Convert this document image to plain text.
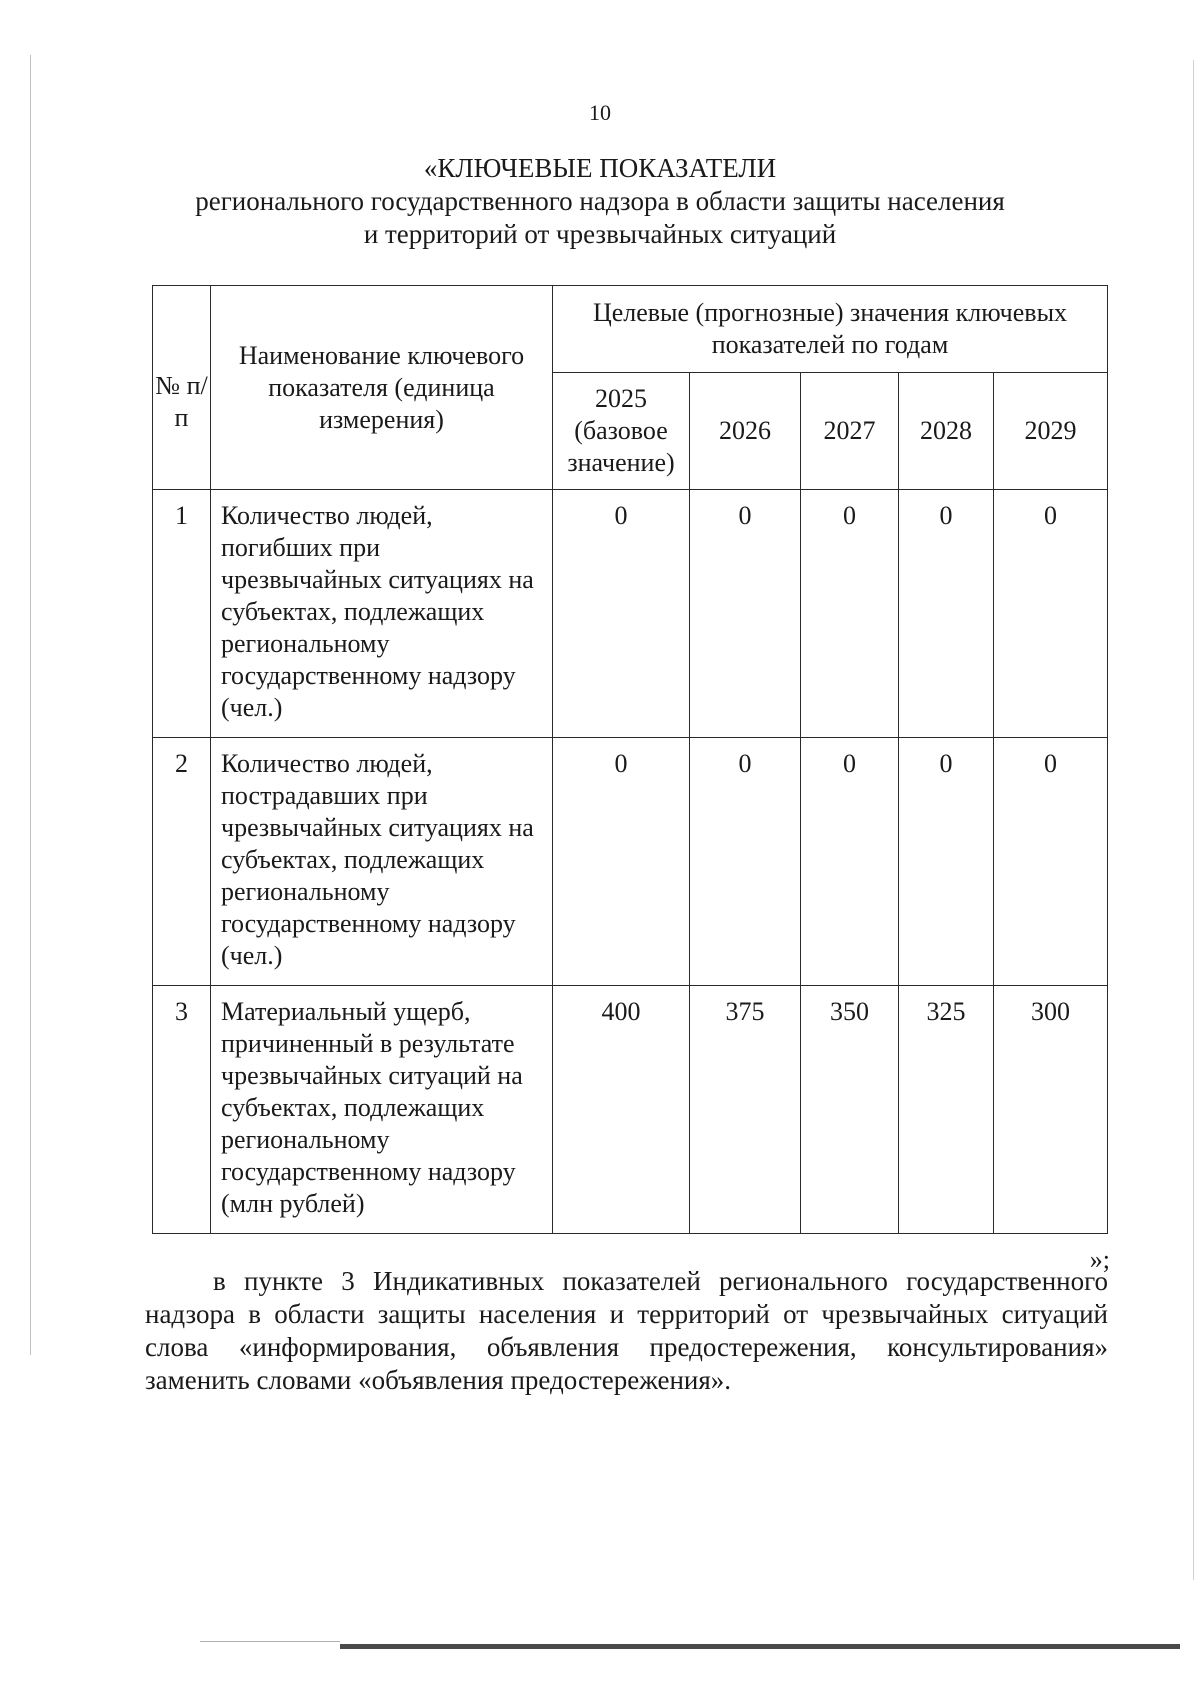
10
«КЛЮЧЕВЫЕ ПОКАЗАТЕЛИ
регионального государственного надзора в области защиты населения
и территорий от чрезвычайных ситуаций
№ п/п	Наименование ключевого показателя (единица измерения)	Целевые (прогнозные) значения ключевых показателей по годам				
		2025 (базовое значение)	2026	2027	2028	2029
1	Количество людей, погибших при чрезвычайных ситуациях на субъектах, подлежащих региональному государственному надзору (чел.)	0	0	0	0	0
2	Количество людей, пострадавших при чрезвычайных ситуациях на субъектах, подлежащих региональному государственному надзору (чел.)	0	0	0	0	0
3	Материальный ущерб, причиненный в результате чрезвычайных ситуаций на субъектах, подлежащих региональному государственному надзору (млн рублей)	400	375	350	325	300
»;
в пункте 3 Индикативных показателей регионального государственного надзора в области защиты населения и территорий от чрезвычайных ситуаций слова «информирования, объявления предостережения, консультирования» заменить словами «объявления предостережения».
